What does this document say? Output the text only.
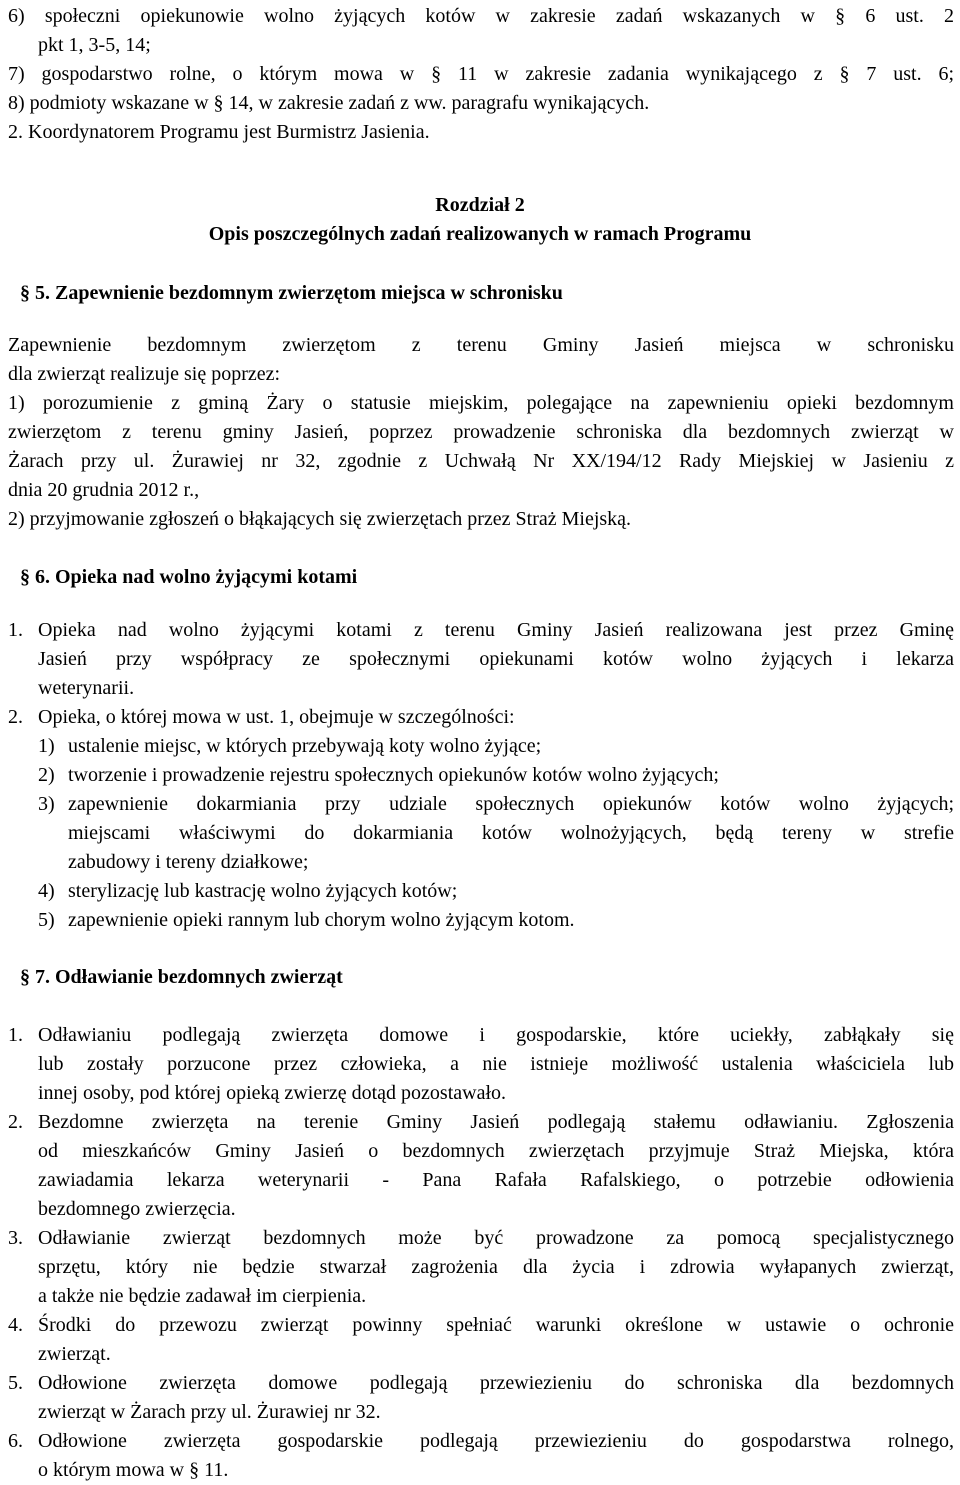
6) społeczni opiekunowie wolno żyjących kotów w zakresie zadań wskazanych w § 6 ust. 2
pkt 1, 3-5, 14;
7) gospodarstwo rolne, o którym mowa w § 11 w zakresie zadania wynikającego z § 7 ust. 6;
8) podmioty wskazane w § 14, w zakresie zadań z ww. paragrafu wynikających.
2. Koordynatorem Programu jest Burmistrz Jasienia.
Rozdział 2
Opis poszczególnych zadań realizowanych w ramach Programu
§ 5. Zapewnienie bezdomnym zwierzętom miejsca w schronisku
Zapewnienie bezdomnym zwierzętom z terenu Gminy Jasień miejsca w schronisku
dla zwierząt realizuje się poprzez:
1) porozumienie z gminą Żary o statusie miejskim, polegające na zapewnieniu opieki bezdomnym
zwierzętom z terenu gminy Jasień, poprzez prowadzenie schroniska dla bezdomnych zwierząt w
Żarach przy ul. Żurawiej nr 32, zgodnie z Uchwałą Nr XX/194/12 Rady Miejskiej w Jasieniu z
dnia 20 grudnia 2012 r.,
2) przyjmowanie zgłoszeń o błąkających się zwierzętach przez Straż Miejską.
§ 6. Opieka nad wolno żyjącymi kotami
1. Opieka nad wolno żyjącymi kotami z terenu Gminy Jasień realizowana jest przez Gminę
Jasień przy współpracy ze społecznymi opiekunami kotów wolno żyjących i lekarza
weterynarii.
2. Opieka, o której mowa w ust. 1, obejmuje w szczególności:
1) ustalenie miejsc, w których przebywają koty wolno żyjące;
2) tworzenie i prowadzenie rejestru społecznych opiekunów kotów wolno żyjących;
3) zapewnienie dokarmiania przy udziale społecznych opiekunów kotów wolno żyjących;
miejscami właściwymi do dokarmiania kotów wolnożyjących, będą tereny w strefie
zabudowy i tereny działkowe;
4) sterylizację lub kastrację wolno żyjących kotów;
5) zapewnienie opieki rannym lub chorym wolno żyjącym kotom.
§ 7. Odławianie bezdomnych zwierząt
1. Odławianiu podlegają zwierzęta domowe i gospodarskie, które uciekły, zabłąkały się
lub zostały porzucone przez człowieka, a nie istnieje możliwość ustalenia właściciela lub
innej osoby, pod której opieką zwierzę dotąd pozostawało.
2. Bezdomne zwierzęta na terenie Gminy Jasień podlegają stałemu odławianiu. Zgłoszenia
od mieszkańców Gminy Jasień o bezdomnych zwierzętach przyjmuje Straż Miejska, która
zawiadamia lekarza weterynarii - Pana Rafała Rafalskiego, o potrzebie odłowienia
bezdomnego zwierzęcia.
3. Odławianie zwierząt bezdomnych może być prowadzone za pomocą specjalistycznego
sprzętu, który nie będzie stwarzał zagrożenia dla życia i zdrowia wyłapanych zwierząt,
a także nie będzie zadawał im cierpienia.
4. Środki do przewozu zwierząt powinny spełniać warunki określone w ustawie o ochronie
zwierząt.
5. Odłowione zwierzęta domowe podlegają przewiezieniu do schroniska dla bezdomnych
zwierząt w Żarach przy ul. Żurawiej nr 32.
6. Odłowione zwierzęta gospodarskie podlegają przewiezieniu do gospodarstwa rolnego,
o którym mowa w § 11.
